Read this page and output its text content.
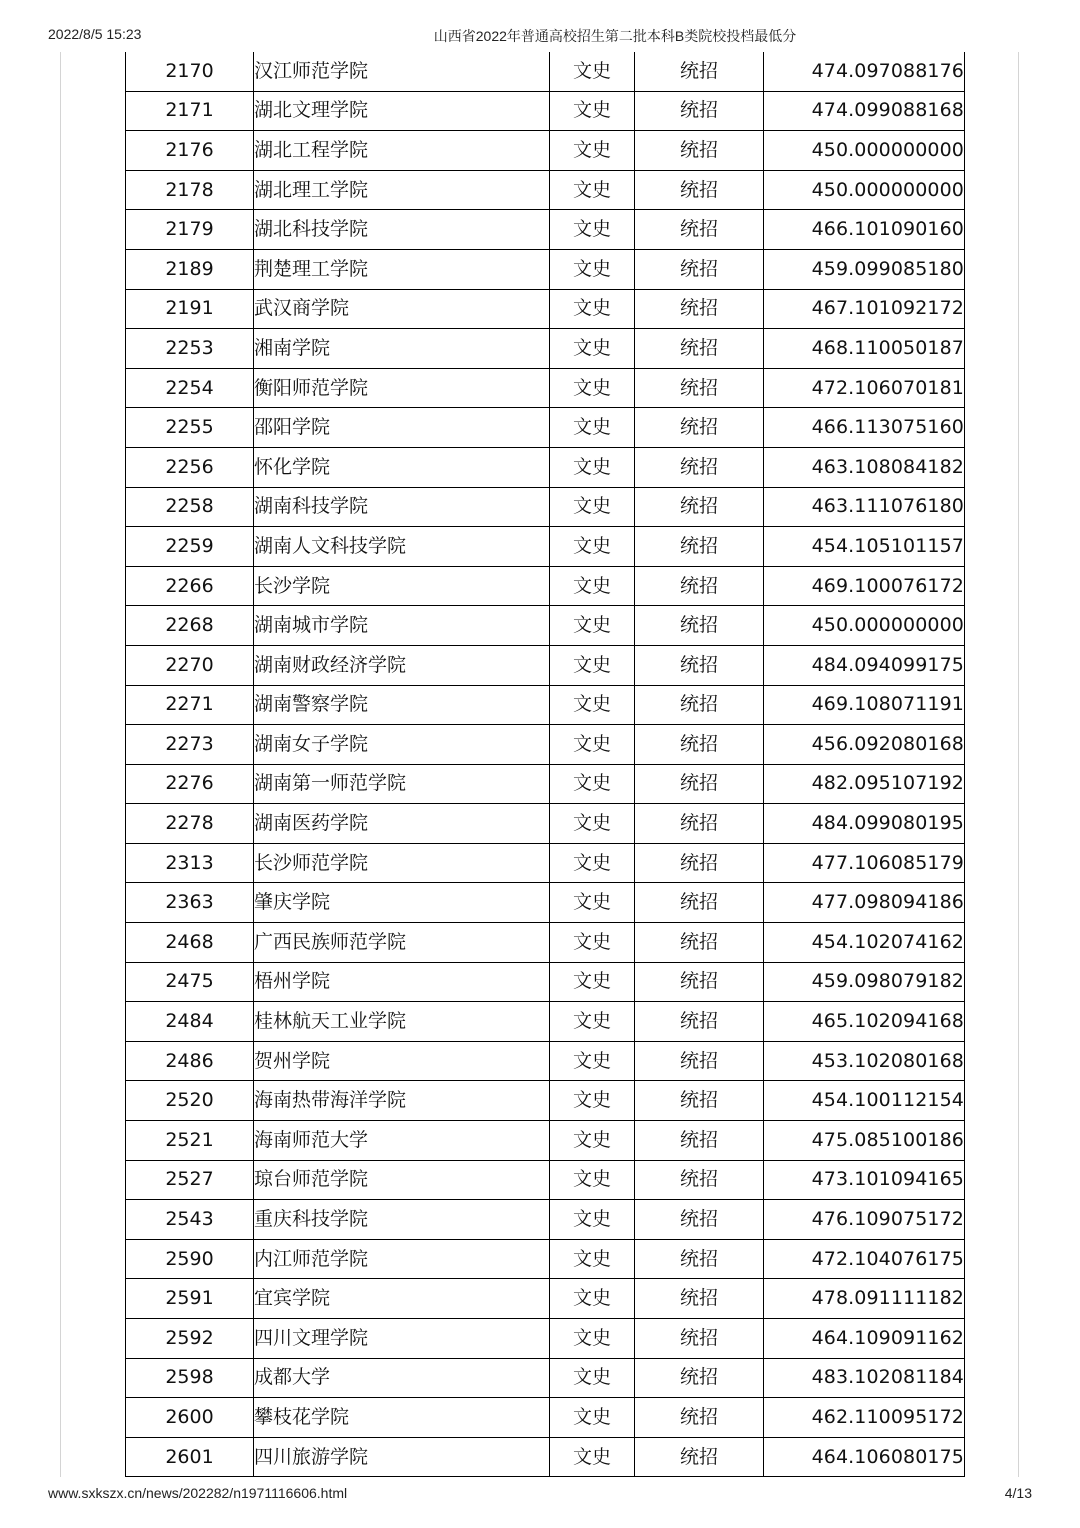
2022/8/5 15:23	山西省2022年普通高校招生第二批本科B类院校投档最低分
2170	汉江师范学院	文史	统招	474.097088176
2171	湖北文理学院	文史	统招	474.099088168
2176	湖北工程学院	文史	统招	450.000000000
2178	湖北理工学院	文史	统招	450.000000000
2179	湖北科技学院	文史	统招	466.101090160
2189	荆楚理工学院	文史	统招	459.099085180
2191	武汉商学院	文史	统招	467.101092172
2253	湘南学院	文史	统招	468.110050187
2254	衡阳师范学院	文史	统招	472.106070181
2255	邵阳学院	文史	统招	466.113075160
2256	怀化学院	文史	统招	463.108084182
2258	湖南科技学院	文史	统招	463.111076180
2259	湖南人文科技学院	文史	统招	454.105101157
2266	长沙学院	文史	统招	469.100076172
2268	湖南城市学院	文史	统招	450.000000000
2270	湖南财政经济学院	文史	统招	484.094099175
2271	湖南警察学院	文史	统招	469.108071191
2273	湖南女子学院	文史	统招	456.092080168
2276	湖南第一师范学院	文史	统招	482.095107192
2278	湖南医药学院	文史	统招	484.099080195
2313	长沙师范学院	文史	统招	477.106085179
2363	肇庆学院	文史	统招	477.098094186
2468	广西民族师范学院	文史	统招	454.102074162
2475	梧州学院	文史	统招	459.098079182
2484	桂林航天工业学院	文史	统招	465.102094168
2486	贺州学院	文史	统招	453.102080168
2520	海南热带海洋学院	文史	统招	454.100112154
2521	海南师范大学	文史	统招	475.085100186
2527	琼台师范学院	文史	统招	473.101094165
2543	重庆科技学院	文史	统招	476.109075172
2590	内江师范学院	文史	统招	472.104076175
2591	宜宾学院	文史	统招	478.091111182
2592	四川文理学院	文史	统招	464.109091162
2598	成都大学	文史	统招	483.102081184
2600	攀枝花学院	文史	统招	462.110095172
2601	四川旅游学院	文史	统招	464.106080175
www.sxkszx.cn/news/202282/n1971116606.html	4/13
